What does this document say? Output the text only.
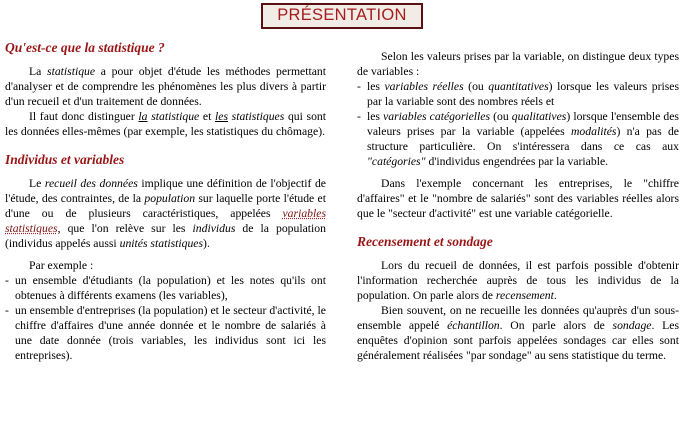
PRÉSENTATION
Qu'est-ce que la statistique ?

La statistique a pour objet d'étude les méthodes permettant d'analyser et de comprendre les phénomènes les plus divers à partir d'un recueil et d'un traitement de données.

Il faut donc distinguer la statistique et les statistiques qui sont les données elles-mêmes (par exemple, les statistiques du chômage).

Individus et variables

Le recueil des données implique une définition de l'objectif de l'étude, des contraintes, de la population sur laquelle porte l'étude et d'une ou de plusieurs caractéristiques, appelées variables statistiques, que l'on relève sur les individus de la population (individus appelés aussi unités statistiques).

Par exemple :

- un ensemble d'étudiants (la population) et les notes qu'ils ont obtenues à différents examens (les variables),
- un ensemble d'entreprises (la population) et le secteur d'activité, le chiffre d'affaires d'une année donnée et le nombre de salariés à une date donnée (trois variables, les individus sont ici les entreprises).

Selon les valeurs prises par la variable, on distingue deux types de variables :

- les variables réelles (ou quantitatives) lorsque les valeurs prises par la variable sont des nombres réels et
- les variables catégorielles (ou qualitatives) lorsque l'ensemble des valeurs prises par la variable (appelées modalités) n'a pas de structure particulière. On s'intéressera dans ce cas aux "catégories" d'individus engendrées par la variable.

Dans l'exemple concernant les entreprises, le "chiffre d'affaires" et le "nombre de salariés" sont des variables réelles alors que le "secteur d'activité" est une variable catégorielle.

Recensement et sondage

Lors du recueil de données, il est parfois possible d'obtenir l'information recherchée auprès de tous les individus de la population. On parle alors de recensement.

Bien souvent, on ne recueille les données qu'auprès d'un sous-ensemble appelé échantillon. On parle alors de sondage. Les enquêtes d'opinion sont parfois appelées sondages car elles sont généralement réalisées "par sondage" au sens statistique du terme.
